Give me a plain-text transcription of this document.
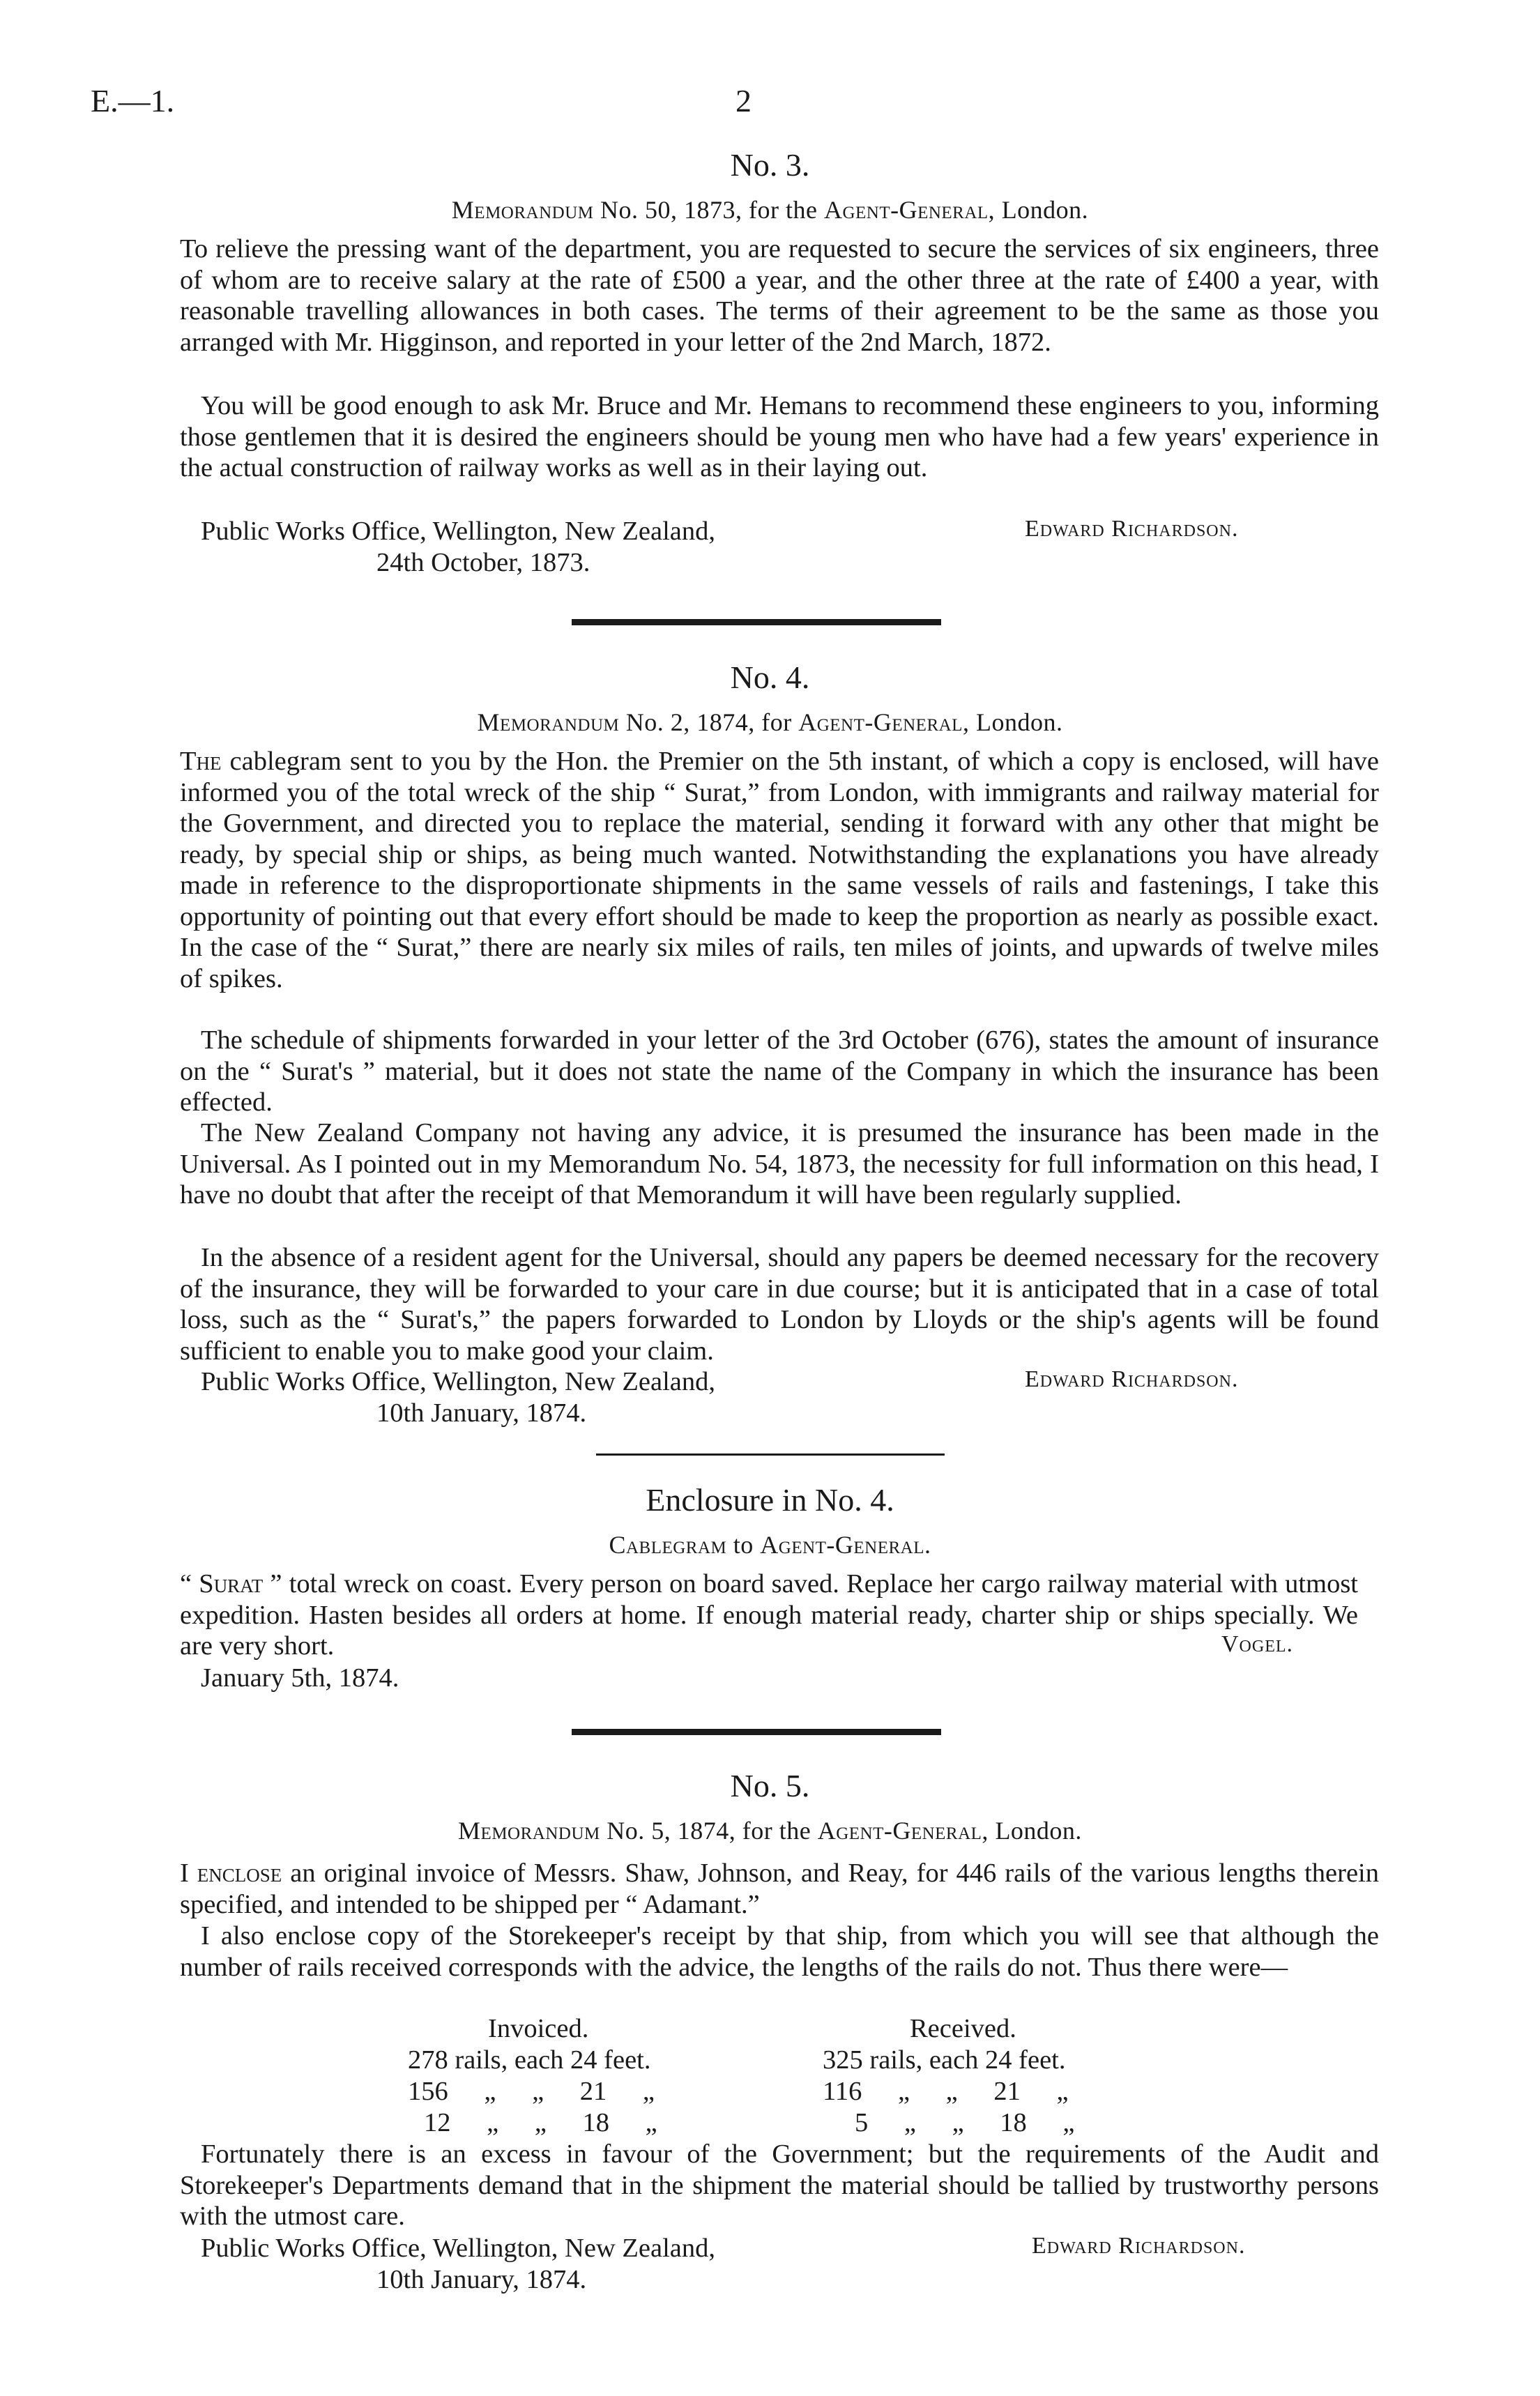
E.—1.	2
No. 3.
Memorandum No. 50, 1873, for the Agent-General, London.

To relieve the pressing want of the department, you are requested to secure the services of six engineers, three of whom are to receive salary at the rate of £500 a year, and the other three at the rate of £400 a year, with reasonable travelling allowances in both cases. The terms of their agreement to be the same as those you arranged with Mr. Higginson, and reported in your letter of the 2nd March, 1872.

You will be good enough to ask Mr. Bruce and Mr. Hemans to recommend these engineers to you, informing those gentlemen that it is desired the engineers should be young men who have had a few years' experience in the actual construction of railway works as well as in their laying out.

Public Works Office, Wellington, New Zealand,	Edward Richardson.
24th October, 1873.
No. 4.
Memorandum No. 2, 1874, for Agent-General, London.

The cablegram sent to you by the Hon. the Premier on the 5th instant, of which a copy is enclosed, will have informed you of the total wreck of the ship “ Surat,” from London, with immigrants and railway material for the Government, and directed you to replace the material, sending it forward with any other that might be ready, by special ship or ships, as being much wanted. Notwithstanding the explanations you have already made in reference to the disproportionate shipments in the same vessels of rails and fastenings, I take this opportunity of pointing out that every effort should be made to keep the proportion as nearly as possible exact. In the case of the “ Surat,” there are nearly six miles of rails, ten miles of joints, and upwards of twelve miles of spikes.

The schedule of shipments forwarded in your letter of the 3rd October (676), states the amount of insurance on the “ Surat's ” material, but it does not state the name of the Company in which the insurance has been effected.

The New Zealand Company not having any advice, it is presumed the insurance has been made in the Universal. As I pointed out in my Memorandum No. 54, 1873, the necessity for full information on this head, I have no doubt that after the receipt of that Memorandum it will have been regularly supplied.

In the absence of a resident agent for the Universal, should any papers be deemed necessary for the recovery of the insurance, they will be forwarded to your care in due course; but it is anticipated that in a case of total loss, such as the “ Surat's,” the papers forwarded to London by Lloyds or the ship's agents will be found sufficient to enable you to make good your claim.

Public Works Office, Wellington, New Zealand,	Edward Richardson.
10th January, 1874.
Enclosure in No. 4.
Cablegram to Agent-General.

“ Surat ” total wreck on coast. Every person on board saved. Replace her cargo railway material with utmost expedition. Hasten besides all orders at home. If enough material ready, charter ship or ships specially. We are very short.	Vogel.
January 5th, 1874.
No. 5.
Memorandum No. 5, 1874, for the Agent-General, London.

I enclose an original invoice of Messrs. Shaw, Johnson, and Reay, for 446 rails of the various lengths therein specified, and intended to be shipped per “ Adamant.”

I also enclose copy of the Storekeeper's receipt by that ship, from which you will see that although the number of rails received corresponds with the advice, the lengths of the rails do not. Thus there were—

Invoiced.	Received.
278 rails, each 24 feet.	325 rails, each 24 feet.
156 „ „ 21 „	116 „ „ 21 „
12 „ „ 18 „	5 „ „ 18 „

Fortunately there is an excess in favour of the Government; but the requirements of the Audit and Storekeeper's Departments demand that in the shipment the material should be tallied by trustworthy persons with the utmost care.

Public Works Office, Wellington, New Zealand,	Edward Richardson.
10th January, 1874.
